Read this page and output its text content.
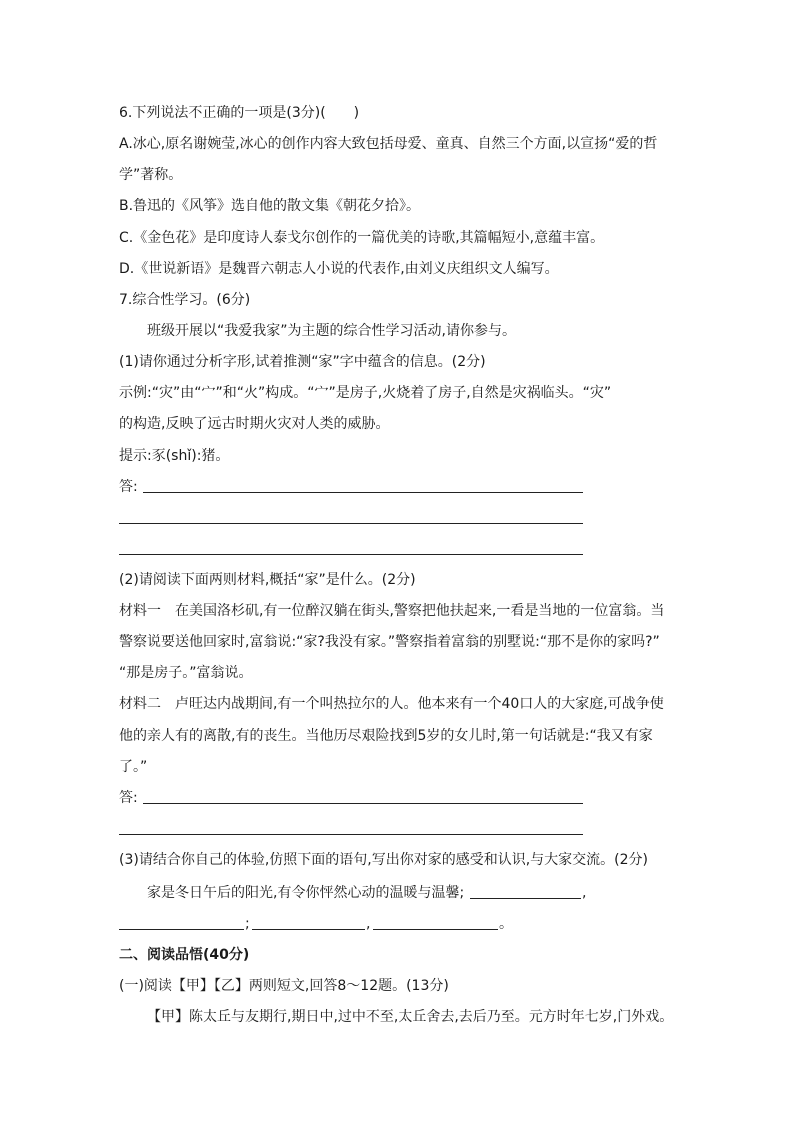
6.下列说法不正确的一项是(3分)(　　)
A.冰心,原名谢婉莹,冰心的创作内容大致包括母爱、童真、自然三个方面,以宣扬“爱的哲
学”著称。
B.鲁迅的《风筝》选自他的散文集《朝花夕拾》。
C.《金色花》是印度诗人泰戈尔创作的一篇优美的诗歌,其篇幅短小,意蕴丰富。
D.《世说新语》是魏晋六朝志人小说的代表作,由刘义庆组织文人编写。
7.综合性学习。(6分)
班级开展以“我爱我家”为主题的综合性学习活动,请你参与。
(1)请你通过分析字形,试着推测“家”字中蕴含的信息。(2分)
示例:“灾”由“宀”和“火”构成。“宀”是房子,火烧着了房子,自然是灾祸临头。“灾”
的构造,反映了远古时期火灾对人类的威胁。
提示:豕(shǐ):猪。
答:
(2)请阅读下面两则材料,概括“家”是什么。(2分)
材料一　在美国洛杉矶,有一位醉汉躺在街头,警察把他扶起来,一看是当地的一位富翁。当
警察说要送他回家时,富翁说:“家?我没有家。”警察指着富翁的别墅说:“那不是你的家吗?”
“那是房子。”富翁说。
材料二　卢旺达内战期间,有一个叫热拉尔的人。他本来有一个40口人的大家庭,可战争使
他的亲人有的离散,有的丧生。当他历尽艰险找到5岁的女儿时,第一句话就是:“我又有家
了。”
答:
(3)请结合你自己的体验,仿照下面的语句,写出你对家的感受和认识,与大家交流。(2分)
家是冬日午后的阳光,有令你怦然心动的温暖与温馨;	,
;	,	。
二、阅读品悟(40分)
(一)阅读【甲】【乙】两则短文,回答8～12题。(13分)
【甲】陈太丘与友期行,期日中,过中不至,太丘舍去,去后乃至。元方时年七岁,门外戏。
